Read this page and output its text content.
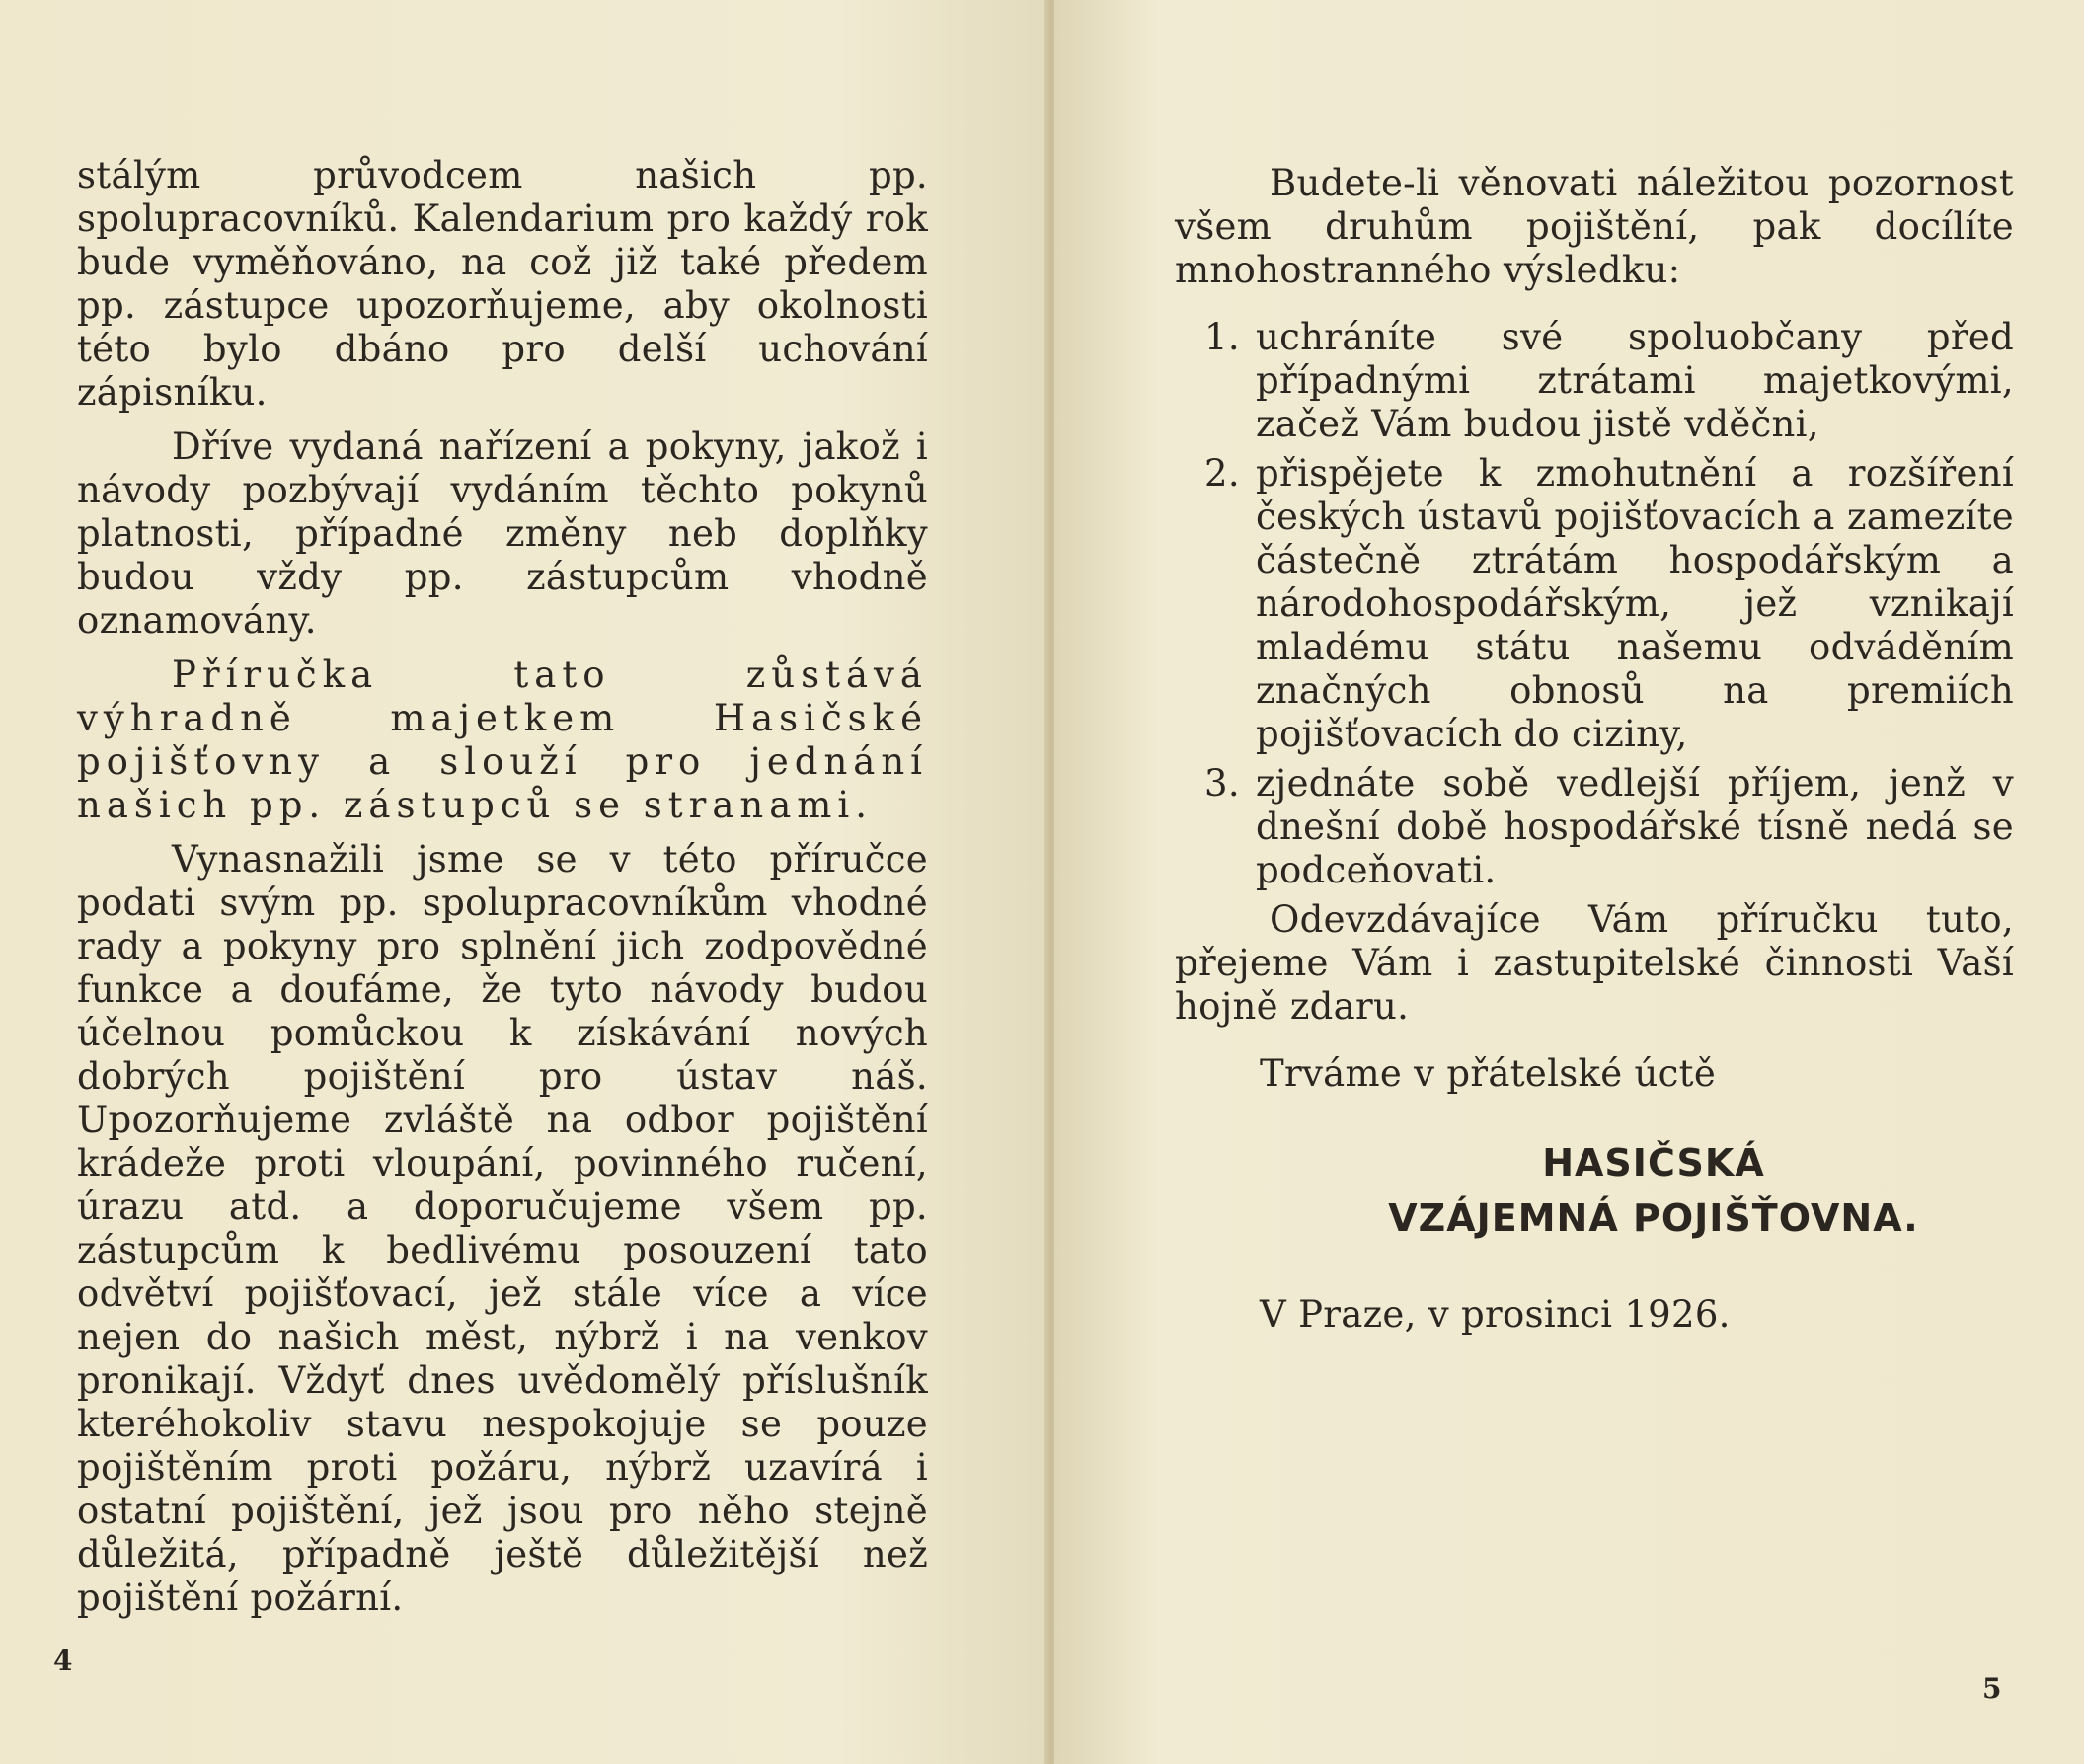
stálým průvodcem našich pp. spolupracovníků. Kalendarium pro každý rok bude vyměňováno, na což již také předem pp. zástupce upozorňujeme, aby okolnosti této bylo dbáno pro delší uchování zápisníku.

Dříve vydaná nařízení a pokyny, jakož i návody pozbývají vydáním těchto pokynů platnosti, případné změny neb doplňky budou vždy pp. zástupcům vhodně oznamovány.

Příručka tato zůstává výhradně majetkem Hasičské pojišťovny a slouží pro jednání našich pp. zástupců se stranami.

Vynasnažili jsme se v této příručce podati svým pp. spolupracovníkům vhodné rady a pokyny pro splnění jich zodpovědné funkce a doufáme, že tyto návody budou účelnou pomůckou k získávání nových dobrých pojištění pro ústav náš. Upozorňujeme zvláště na odbor pojištění krádeže proti vloupání, povinného ručení, úrazu atd. a doporučujeme všem pp. zástupcům k bedlivému posouzení tato odvětví pojišťovací, jež stále více a více nejen do našich měst, nýbrž i na venkov pronikají. Vždyť dnes uvědomělý příslušník kteréhokoliv stavu nespokojuje se pouze pojištěním proti požáru, nýbrž uzavírá i ostatní pojištění, jež jsou pro něho stejně důležitá, případně ještě důležitější než pojištění požární.

4

Budete-li věnovati náležitou pozornost všem druhům pojištění, pak docílíte mnohostranného výsledku:

1. uchráníte své spoluobčany před případnými ztrátami majetkovými, začež Vám budou jistě vděčni,
2. přispějete k zmohutnění a rozšíření českých ústavů pojišťovacích a zamezíte částečně ztrátám hospodářským a národohospodářským, jež vznikají mladému státu našemu odváděním značných obnosů na premiích pojišťovacích do ciziny,
3. zjednáte sobě vedlejší příjem, jenž v dnešní době hospodářské tísně nedá se podceňovati.

Odevzdávajíce Vám příručku tuto, přejeme Vám i zastupitelské činnosti Vaší hojně zdaru.

Trváme v přátelské úctě

HASIČSKÁ
VZÁJEMNÁ POJIŠŤOVNA.

V Praze, v prosinci 1926.

5
